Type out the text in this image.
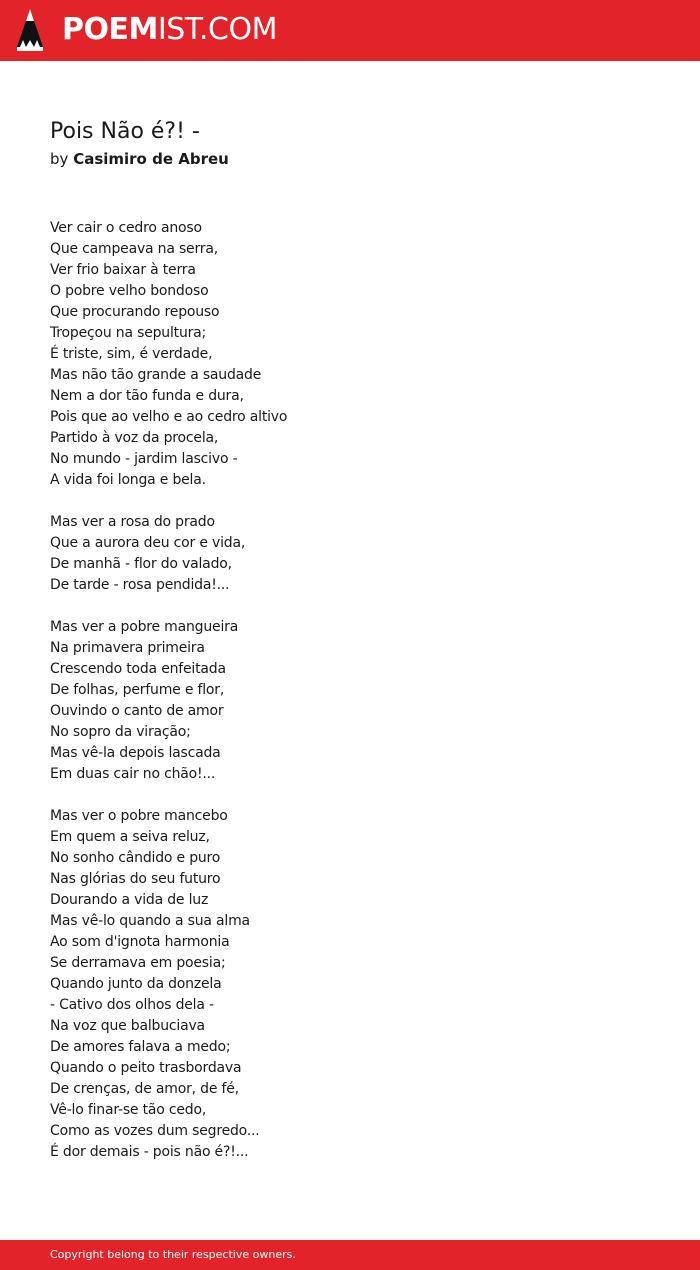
POEMIST.COM
Pois Não é?! -
by Casimiro de Abreu
Ver cair o cedro anoso
Que campeava na serra,
Ver frio baixar à terra
O pobre velho bondoso
Que procurando repouso
Tropeçou na sepultura;
É triste, sim, é verdade,
Mas não tão grande a saudade
Nem a dor tão funda e dura,
Pois que ao velho e ao cedro altivo
Partido à voz da procela,
No mundo - jardim lascivo -
A vida foi longa e bela.
Mas ver a rosa do prado
Que a aurora deu cor e vida,
De manhã - flor do valado,
De tarde - rosa pendida!...
Mas ver a pobre mangueira
Na primavera primeira
Crescendo toda enfeitada
De folhas, perfume e flor,
Ouvindo o canto de amor
No sopro da viração;
Mas vê-la depois lascada
Em duas cair no chão!...
Mas ver o pobre mancebo
Em quem a seiva reluz,
No sonho cândido e puro
Nas glórias do seu futuro
Dourando a vida de luz
Mas vê-lo quando a sua alma
Ao som d'ignota harmonia
Se derramava em poesia;
Quando junto da donzela
- Cativo dos olhos dela -
Na voz que balbuciava
De amores falava a medo;
Quando o peito trasbordava
De crenças, de amor, de fé,
Vê-lo finar-se tão cedo,
Como as vozes dum segredo...
É dor demais - pois não é?!...
Copyright belong to their respective owners.
